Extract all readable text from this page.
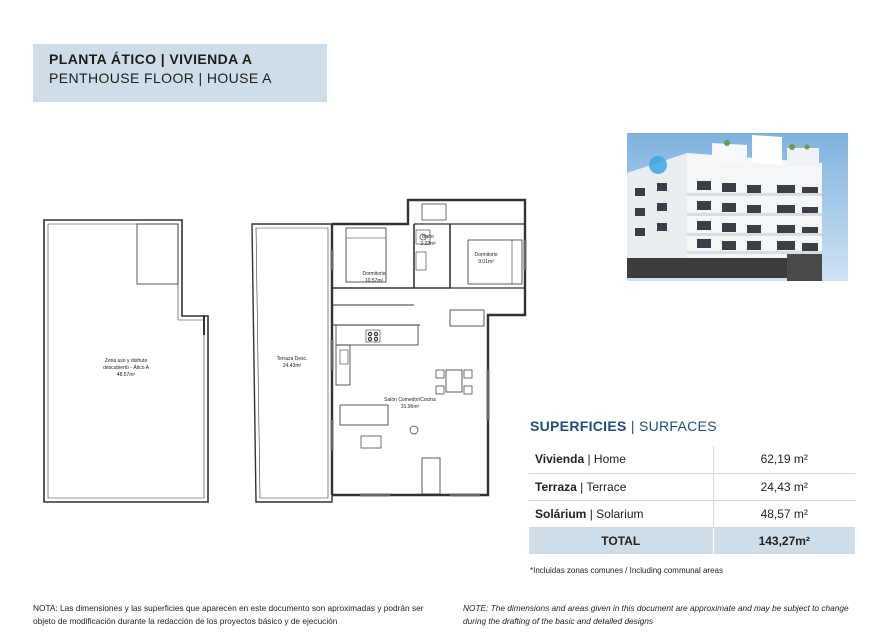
PLANTA ÁTICO | VIVIENDA A
PENTHOUSE FLOOR | HOUSE A
Zona uso y disfrute
descubierto - Ático A
48.57m²
Terraza Desc.
24.43m²
Dormitorio
10.57m²
Baño
3.22m²
Dormitorio
9.01m²
Salón Comedor/Cocina
31.96m²
SUPERFICIES | SURFACES
Vivienda | Home	62,19 m²
Terraza | Terrace	24,43 m²
Solárium | Solarium	48,57 m²
TOTAL	143,27m²
*Incluidas zonas comunes / Including communal areas
NOTA: Las dimensiones y las superficies que aparecen en este documento son aproximadas y podrán ser objeto de modificación durante la redacción de los proyectos básico y de ejecución
NOTE: The dimensions and areas given in this document are approximate and may be subject to change during the drafting of the basic and detailed designs
